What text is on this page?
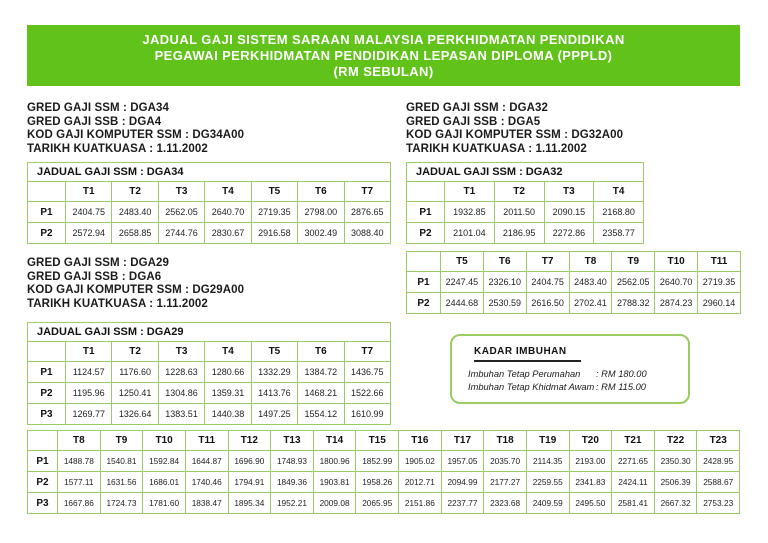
JADUAL GAJI SISTEM SARAAN MALAYSIA PERKHIDMATAN PENDIDIKAN
PEGAWAI PERKHIDMATAN PENDIDIKAN LEPASAN DIPLOMA (PPPLD)
(RM SEBULAN)
GRED GAJI SSM : DGA34
GRED GAJI SSB : DGA4
KOD GAJI KOMPUTER SSM : DG34A00
TARIKH KUATKUASA : 1.11.2002
GRED GAJI SSM : DGA32
GRED GAJI SSB : DGA5
KOD GAJI KOMPUTER SSM : DG32A00
TARIKH KUATKUASA : 1.11.2002
GRED GAJI SSM : DGA29
GRED GAJI SSB : DGA6
KOD GAJI KOMPUTER SSM : DG29A00
TARIKH KUATKUASA : 1.11.2002
JADUAL GAJI SSM : DGA34							
	T1	T2	T3	T4	T5	T6	T7
P1	2404.75	2483.40	2562.05	2640.70	2719.35	2798.00	2876.65
P2	2572.94	2658.85	2744.76	2830.67	2916.58	3002.49	3088.40
JADUAL GAJI SSM : DGA32				
	T1	T2	T3	T4
P1	1932.85	2011.50	2090.15	2168.80
P2	2101.04	2186.95	2272.86	2358.77
	T5	T6	T7	T8	T9	T10	T11
P1	2247.45	2326.10	2404.75	2483.40	2562.05	2640.70	2719.35
P2	2444.68	2530.59	2616.50	2702.41	2788.32	2874.23	2960.14
JADUAL GAJI SSM : DGA29							
	T1	T2	T3	T4	T5	T6	T7
P1	1124.57	1176.60	1228.63	1280.66	1332.29	1384.72	1436.75
P2	1195.96	1250.41	1304.86	1359.31	1413.76	1468.21	1522.66
P3	1269.77	1326.64	1383.51	1440.38	1497.25	1554.12	1610.99
	T8	T9	T10	T11	T12	T13	T14	T15	T16	T17	T18	T19	T20	T21	T22	T23
P1	1488.78	1540.81	1592.84	1644.87	1696.90	1748.93	1800.96	1852.99	1905.02	1957.05	2035.70	2114.35	2193.00	2271.65	2350.30	2428.95
P2	1577.11	1631.56	1686.01	1740.46	1794.91	1849.36	1903.81	1958.26	2012.71	2094.99	2177.27	2259.55	2341.83	2424.11	2506.39	2588.67
P3	1667.86	1724.73	1781.60	1838.47	1895.34	1952.21	2009.08	2065.95	2151.86	2237.77	2323.68	2409.59	2495.50	2581.41	2667.32	2753.23
KADAR IMBUHAN
Imbuhan Tetap Perumahan	: RM 180.00
Imbuhan Tetap Khidmat Awam : RM 115.00
